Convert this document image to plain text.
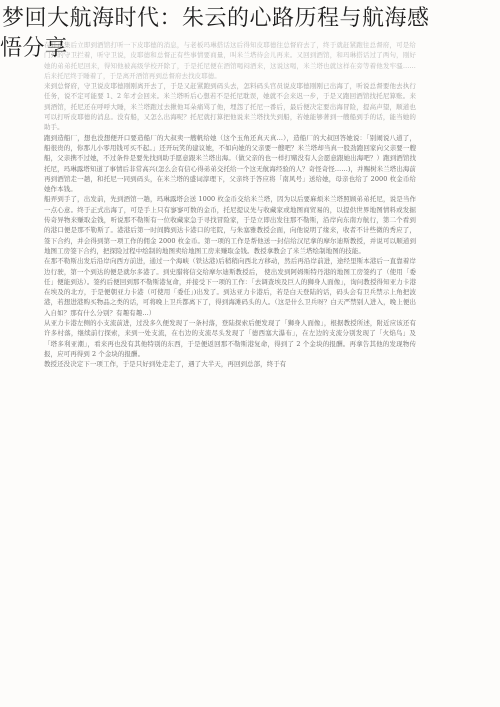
在开市集后立即到酒馆打听一下皮耶德的消息，与老板玛琳搭话这后得知皮耶德往总督府去了，终于就赶紧跑往总督府，可是给门外的守卫拦着，听守卫说，皮耶德和总督正有些事情要商量，叫米兰塔待会儿再来。又回到酒馆，和玛琳搭话过了两句，刚好她的弟弟托尼回来，得知他被高级学校开除了，于是托尼便在酒馆喝闷酒来，这说这喝，米兰塔也就这样在旁等着他发牢骚……后来托尼终于睡着了，于是离开酒馆再到总督府去找皮耶德。

来到总督府，守卫说皮耶德刚刚离开去了，于是又赶紧跑到码头去，怎料码头官员说皮耶德刚刚已出海了，听说总督要他去执行任务，说不定可能要 1、2 年才会回来。米兰塔听后心想若不是托尼耽误，她就不会来迟一步，于是又跑回酒馆找托尼算账。来到酒馆，托尼还在呼呼大睡，米兰塔跑过去揪他耳朵痛骂了他，埋怨了托尼一番后，最后便决定要出海冒险，提高声望，顺道也可以打听皮耶德的消息。没有船，又怎么出海呢？托尼就打算把他说来兰塔找失到船，若她能够著到一艘船到手的话，能当她的助手。

跑到造船厂，想也没想便开口要造船厂的大叔卖一艘帆给她（这个玉角还真天真…），造船厂的大叔回答她说：「别闹说八道了，船很贵的，你那儿小零用钱可买不起。」还开玩笑的建议她，不如向她的父亲要一艘吧？米兰塔却当真一股劲跑回家向父亲要一艘船，父亲携不过她，不过条件是要先找到助手愿意跟米兰塔出海。（做父亲的也一样打赌没有人会愿意跟她出海吧？）跑到酒馆找托尼，玛琳露塔知道了事情后非常高兴(怎么会有信心得弟弟交托给一个这无航海经验的人？奇怪奇怪……)，并赐树米兰塔出海前再到酒馆走一趟，和托尼一同到码头，在米兰塔的盛词淳理下，父亲终于答应将「南风号」送给她，母亲也给了 2000 枚金币给她作本钱。

船弄到手了，出发前，先到酒馆一趟，玛琳露塔会送 1000 枚金币交给米兰塔，因为以后要麻烦米兰塔照顾弟弟托尼，说是当作一点心意。终于正式出海了，可是手上只有寥寥可数的金币，托尼提议先与收藏家或地图商贸易的，以提供世界地图情料或发掘传奇异物来赚取金钱，听说那不勒斯有一位收藏家急于寻找冒险家，于是立即出发往那不勒斯，沿岸向东南方航行，第二个看到的港口便是那不勒斯了。港港后第一时间腾到达卡港口的宅院，与朱塞雅教授会面，向他说明了缘来，收者不计些微的秀应了，签下合约，并会得到第一项工作的佣金 2000 枚金币。第一项的工作是帮他送一封信给汉尼拿的摩尔迪斯教授，并说可以顺道到地图工房签下合约，把探险过程中绘制的地图卖给地图工房来赚取金钱。教授拿教会了米兰塔绘制地图的技能。

在那不勒斯出发后沿岸向西方前进，通过一个海峡（铁达港)后稍稍向西北方移动，然后再沿岸前进，途经里斯本港后一直靠着岸边行驶，第一个到达的便是就尔多港了。到史腊将信交给摩尔迪斯教授后， 使出发到阿姆斯特丹港的地图工房签约了（使用「委任」便能到达）。签约后便回到那不勒斯港复命，并接受下一项的工作：「去调查埃及巨人的狮身人面像」，询问教授得知亚力卡港在埃及的北方，于是便朝亚力卡港（可使用「委任」)出发了。到达亚力卡港后，若是白天登陆的话，码头会有卫兵禁示上角把波港，若想进港购买物品之类的话，可将晚上卫兵都离下了，得到海滩码头的人。（这是什么卫兵呀？白天严禁别人进入，晚上便出入自如？那有什么分别？有趣有趣…）

从亚力卡港左侧的小支流前进，过没多久便发现了一条村落，登陆探索后便发现了「狮身人面像」，根据教授所述，附近应该还有许多村落，继续前行探索，来到一处支流，在右边的支流尽头发现了「德西塞大瀑布」，在左边的支流分别发现了「火焰鸟」及「塔多利亚潮」，看来再也没有其他特别的东西，于是便返回那不勒斯港复命，得到了 2 个金块的报酬。再拿告其他的发现物传报，应可再得到 2 个金块的报酬。

教授还没决定下一项工作，于是只好到处走走了，遇了大半天，再回到总部，终于有

梦回大航海时代：朱云的心路历程与航海感
悟分享
